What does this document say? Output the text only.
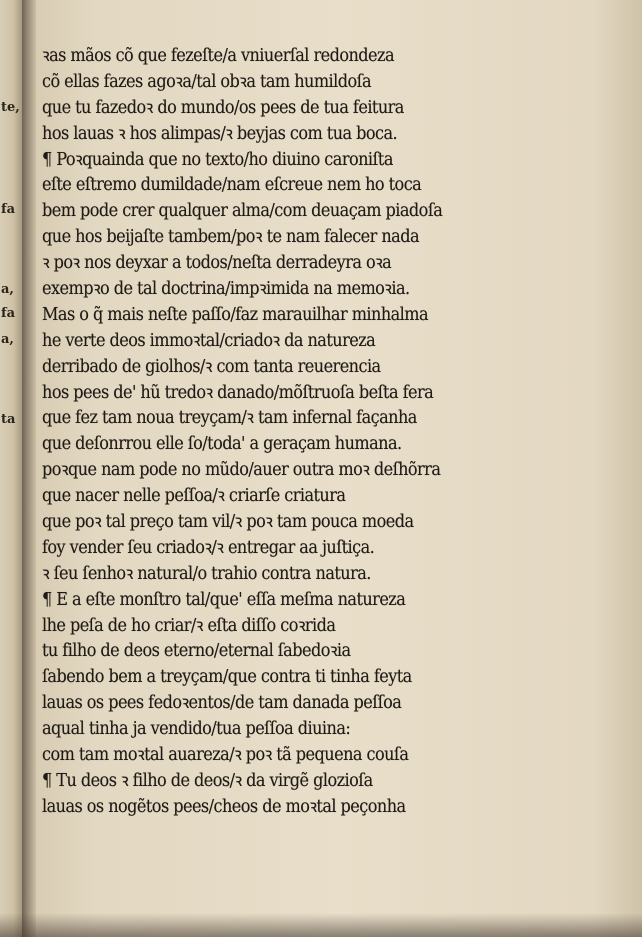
te,
fa
a,
fa
a,
ta
ꝛas mãos cõ que fezeſte/a vniuerſal redondeza
cõ ellas fazes agoꝛa/tal obꝛa tam humildoſa
que tu fazedoꝛ do mundo/os pees de tua feitura
hos lauas ꝛ hos alimpas/ꝛ beyjas com tua boca.
¶ Poꝛquainda que no texto/ho diuino caroniſta
eſte eſtremo dumildade/nam eſcreue nem ho toca
bem pode crer qualquer alma/com deuaçam piadoſa
que hos beijaſte tambem/poꝛ te nam falecer nada
ꝛ poꝛ nos deyxar a todos/neſta derradeyra oꝛa
exempꝛo de tal doctrina/impꝛimida na memoꝛia.
Mas o q̃ mais neſte paſſo/faz marauilhar minhalma
he verte deos immoꝛtal/criadoꝛ da natureza
derribado de giolhos/ꝛ com tanta reuerencia
hos pees de' hũ tredoꝛ danado/mõſtruoſa beſta fera
que fez tam noua treyçam/ꝛ tam infernal façanha
que deſonrrou elle ſo/toda' a geraçam humana.
poꝛque nam pode no mũdo/auer outra moꝛ deſhõrra
que nacer nelle peſſoa/ꝛ criarſe criatura
que poꝛ tal preço tam vil/ꝛ poꝛ tam pouca moeda
foy vender ſeu criadoꝛ/ꝛ entregar aa juſtiça.
ꝛ ſeu ſenhoꝛ natural/o trahio contra natura.
¶ E a eſte monſtro tal/que' eſſa meſma natureza
lhe peſa de ho criar/ꝛ eſta diſſo coꝛrida
tu filho de deos eterno/eternal ſabedoꝛia
ſabendo bem a treyçam/que contra ti tinha feyta
lauas os pees fedoꝛentos/de tam danada peſſoa
aqual tinha ja vendido/tua peſſoa diuina:
com tam moꝛtal auareza/ꝛ poꝛ tã pequena couſa
¶ Tu deos ꝛ filho de deos/ꝛ da virgẽ glozioſa
lauas os nogẽtos pees/cheos de moꝛtal peçonha
